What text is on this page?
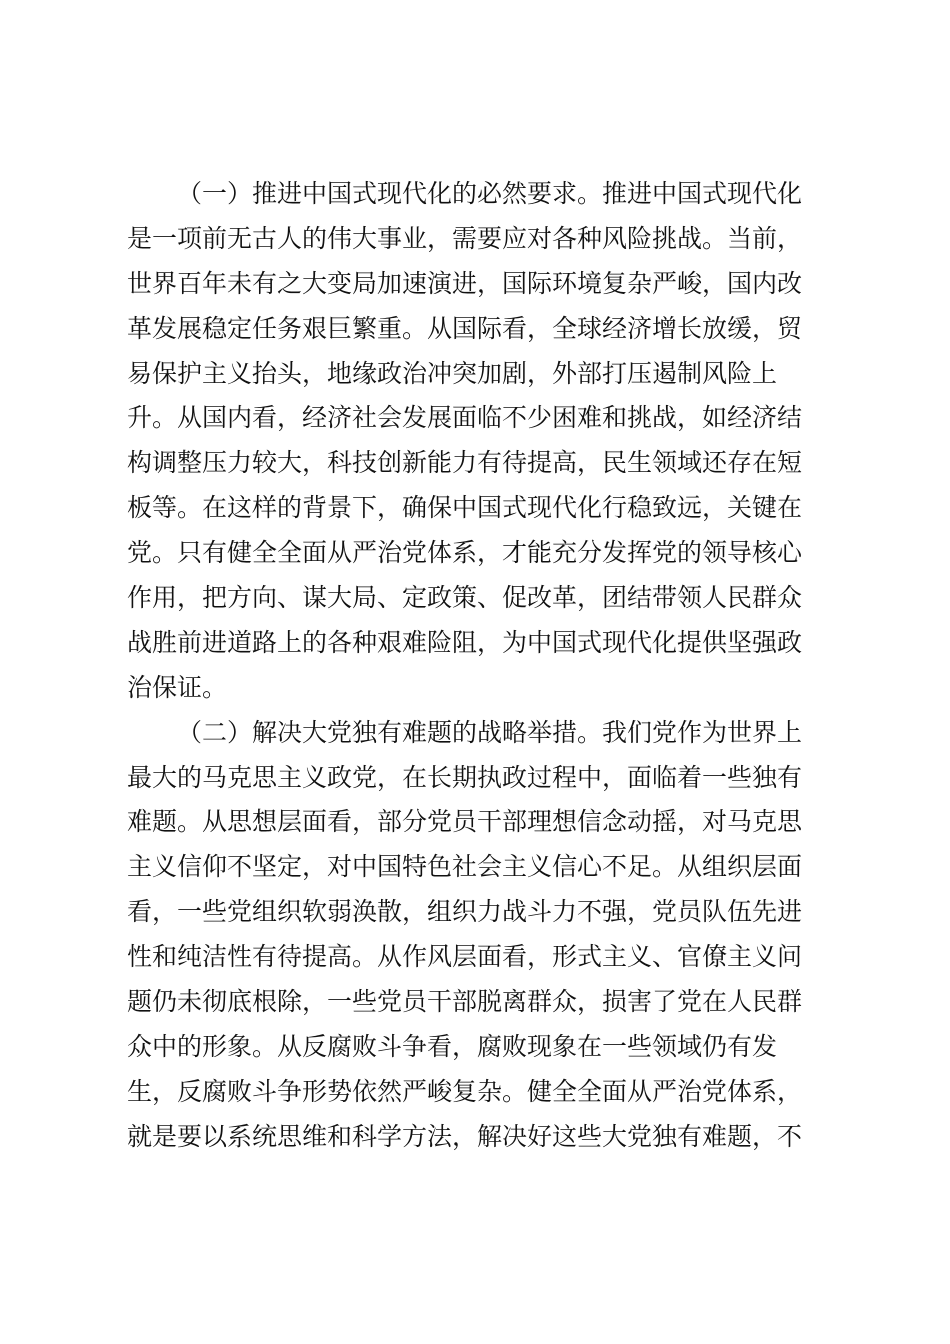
（一）推进中国式现代化的必然要求。推进中国式现代化
是一项前无古人的伟大事业，需要应对各种风险挑战。当前，
世界百年未有之大变局加速演进，国际环境复杂严峻，国内改
革发展稳定任务艰巨繁重。从国际看，全球经济增长放缓，贸
易保护主义抬头，地缘政治冲突加剧，外部打压遏制风险上
升。从国内看，经济社会发展面临不少困难和挑战，如经济结
构调整压力较大，科技创新能力有待提高，民生领域还存在短
板等。在这样的背景下，确保中国式现代化行稳致远，关键在
党。只有健全全面从严治党体系，才能充分发挥党的领导核心
作用，把方向、谋大局、定政策、促改革，团结带领人民群众
战胜前进道路上的各种艰难险阻，为中国式现代化提供坚强政
治保证。
（二）解决大党独有难题的战略举措。我们党作为世界上
最大的马克思主义政党，在长期执政过程中，面临着一些独有
难题。从思想层面看，部分党员干部理想信念动摇，对马克思
主义信仰不坚定，对中国特色社会主义信心不足。从组织层面
看，一些党组织软弱涣散，组织力战斗力不强，党员队伍先进
性和纯洁性有待提高。从作风层面看，形式主义、官僚主义问
题仍未彻底根除，一些党员干部脱离群众，损害了党在人民群
众中的形象。从反腐败斗争看，腐败现象在一些领域仍有发
生，反腐败斗争形势依然严峻复杂。健全全面从严治党体系，
就是要以系统思维和科学方法，解决好这些大党独有难题，不
